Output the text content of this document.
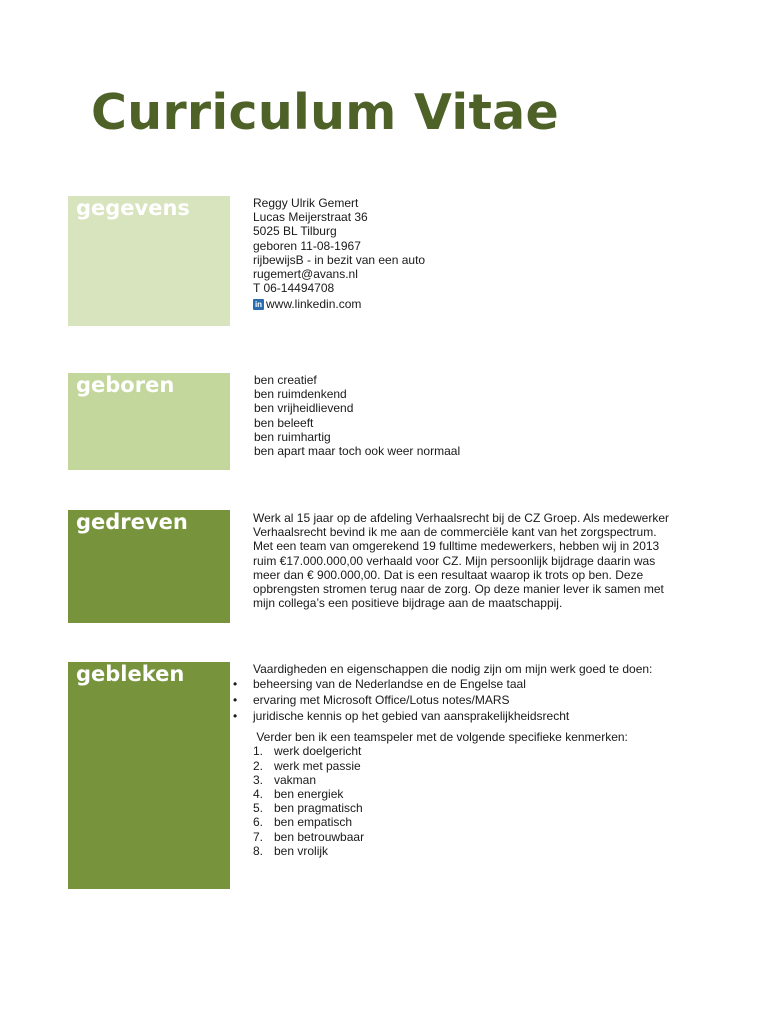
Curriculum Vitae
gegevens	Reggy Ulrik Gemert
Lucas Meijerstraat 36
5025 BL Tilburg
geboren 11-08-1967
rijbewijsB - in bezit van een auto
rugemert@avans.nl
T 06-14494708
in www.linkedin.com
geboren	ben creatief
ben ruimdenkend
ben vrijheidlievend
ben beleeft
ben ruimhartig
ben apart maar toch ook weer normaal
gedreven	Werk al 15 jaar op de afdeling Verhaalsrecht bij de CZ Groep. Als medewerker
Verhaalsrecht bevind ik me aan de commerciële kant van het zorgspectrum.
Met een team van omgerekend 19 fulltime medewerkers, hebben wij in 2013
ruim €17.000.000,00 verhaald voor CZ. Mijn persoonlijk bijdrage daarin was
meer dan € 900.000,00. Dat is een resultaat waarop ik trots op ben. Deze
opbrengsten stromen terug naar de zorg. Op deze manier lever ik samen met
mijn collega’s een positieve bijdrage aan de maatschappij.
gebleken	Vaardigheden en eigenschappen die nodig zijn om mijn werk goed te doen:
• beheersing van de Nederlandse en de Engelse taal
• ervaring met Microsoft Office/Lotus notes/MARS
• juridische kennis op het gebied van aansprakelijkheidsrecht
Verder ben ik een teamspeler met de volgende specifieke kenmerken:
1. werk doelgericht
2. werk met passie
3. vakman
4. ben energiek
5. ben pragmatisch
6. ben empatisch
7. ben betrouwbaar
8. ben vrolijk
